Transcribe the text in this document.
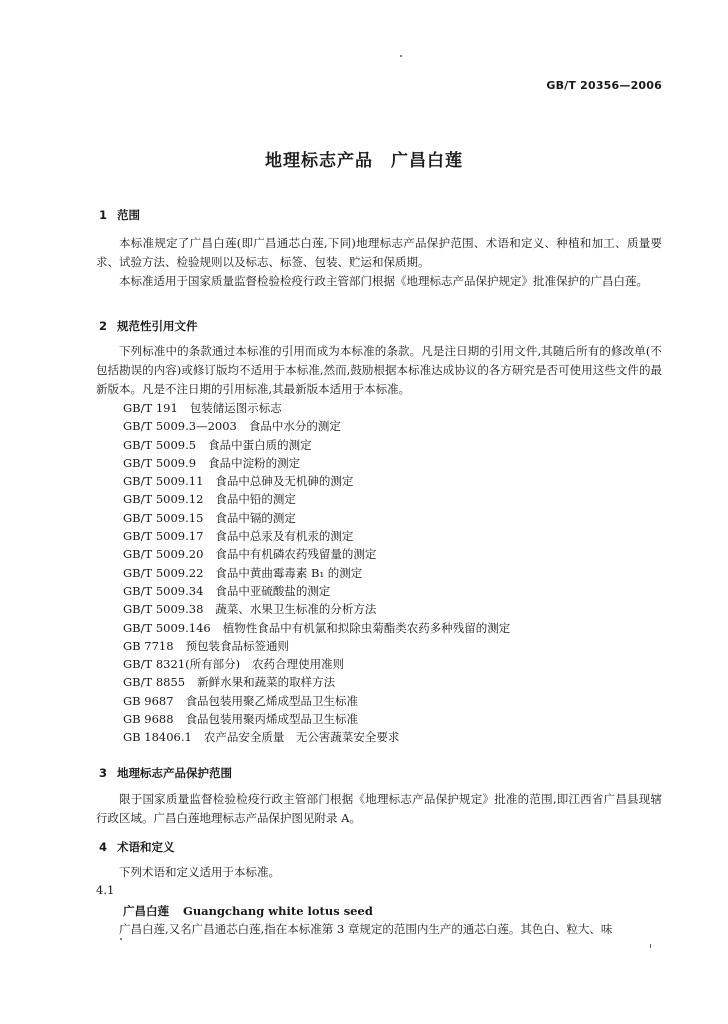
GB/T 20356—2006
地理标志产品　广昌白莲
1 范围
本标准规定了广昌白莲(即广昌通芯白莲,下同)地理标志产品保护范围、术语和定义、种植和加工、质量要求、试验方法、检验规则以及标志、标签、包装、贮运和保质期。
本标准适用于国家质量监督检验检疫行政主管部门根据《地理标志产品保护规定》批准保护的广昌白莲。
2 规范性引用文件
下列标准中的条款通过本标准的引用而成为本标准的条款。凡是注日期的引用文件,其随后所有的修改单(不包括勘误的内容)或修订版均不适用于本标准,然而,鼓励根据本标准达成协议的各方研究是否可使用这些文件的最新版本。凡是不注日期的引用标准,其最新版本适用于本标准。
GB/T 191 包装储运图示标志
GB/T 5009.3—2003 食品中水分的测定
GB/T 5009.5 食品中蛋白质的测定
GB/T 5009.9 食品中淀粉的测定
GB/T 5009.11 食品中总砷及无机砷的测定
GB/T 5009.12 食品中铅的测定
GB/T 5009.15 食品中镉的测定
GB/T 5009.17 食品中总汞及有机汞的测定
GB/T 5009.20 食品中有机磷农药残留量的测定
GB/T 5009.22 食品中黄曲霉毒素 B₁ 的测定
GB/T 5009.34 食品中亚硫酸盐的测定
GB/T 5009.38 蔬菜、水果卫生标准的分析方法
GB/T 5009.146 植物性食品中有机氯和拟除虫菊酯类农药多种残留的测定
GB 7718 预包装食品标签通则
GB/T 8321(所有部分) 农药合理使用准则
GB/T 8855 新鲜水果和蔬菜的取样方法
GB 9687 食品包装用聚乙烯成型品卫生标准
GB 9688 食品包装用聚丙烯成型品卫生标准
GB 18406.1 农产品安全质量　无公害蔬菜安全要求
3 地理标志产品保护范围
限于国家质量监督检验检疫行政主管部门根据《地理标志产品保护规定》批准的范围,即江西省广昌县现辖行政区域。广昌白莲地理标志产品保护图见附录 A。
4 术语和定义
下列术语和定义适用于本标准。
4.1
广昌白莲 Guangchang white lotus seed
广昌白莲,又名广昌通芯白莲,指在本标准第 3 章规定的范围内生产的通芯白莲。其色白、粒大、味
